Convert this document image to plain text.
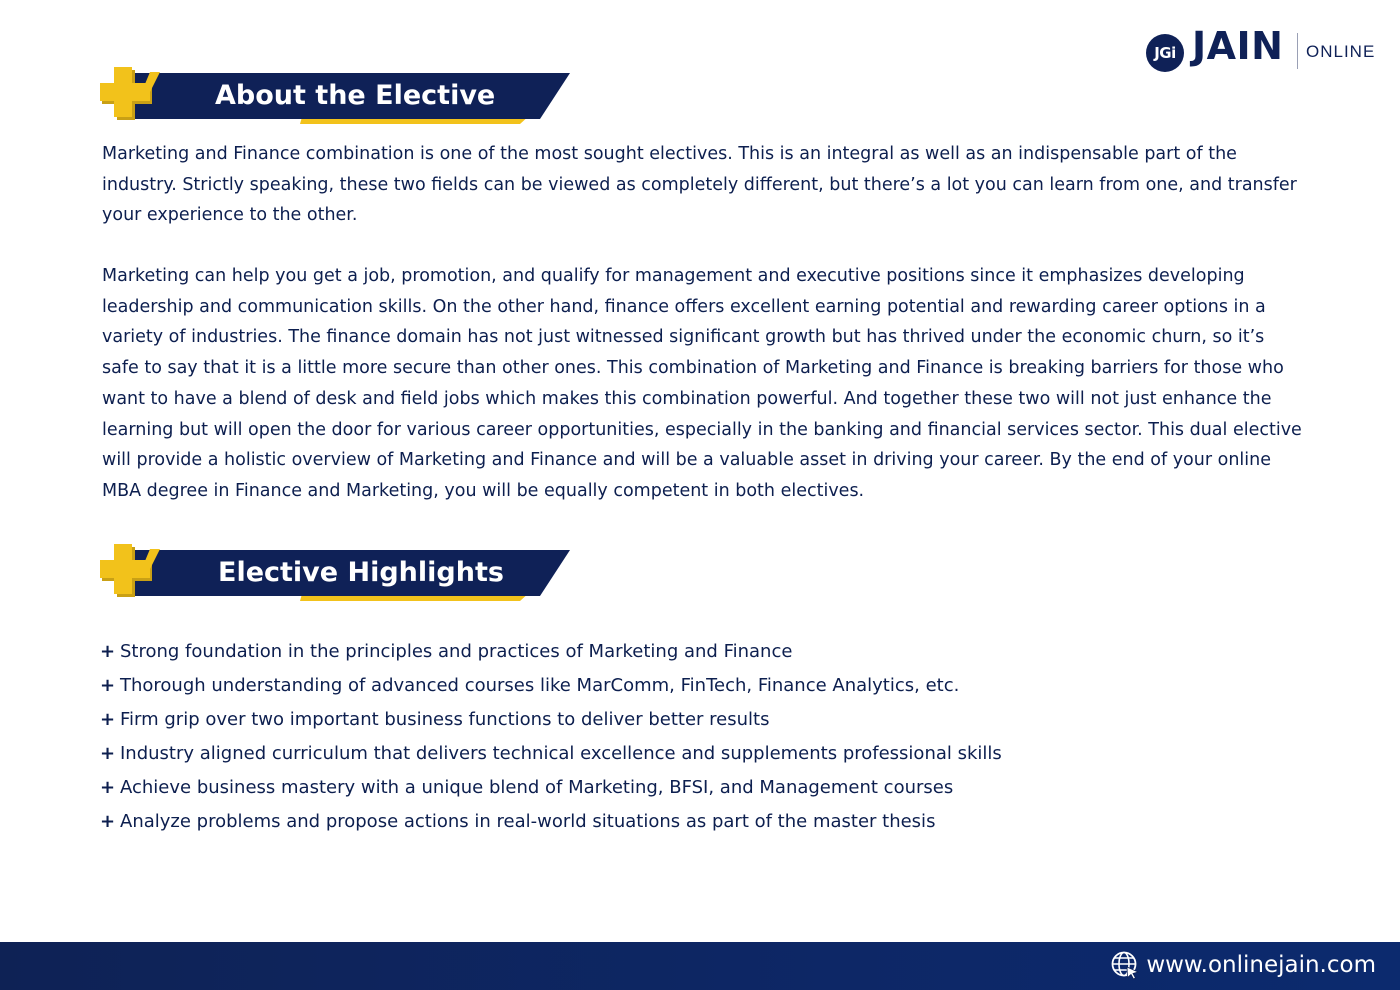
JGi JAIN ONLINE
About the Elective

Marketing and Finance combination is one of the most sought electives. This is an integral as well as an indispensable part of the industry. Strictly speaking, these two fields can be viewed as completely different, but there’s a lot you can learn from one, and transfer your experience to the other.

Marketing can help you get a job, promotion, and qualify for management and executive positions since it emphasizes developing leadership and communication skills. On the other hand, finance offers excellent earning potential and rewarding career options in a variety of industries. The finance domain has not just witnessed significant growth but has thrived under the economic churn, so it’s safe to say that it is a little more secure than other ones. This combination of Marketing and Finance is breaking barriers for those who want to have a blend of desk and field jobs which makes this combination powerful. And together these two will not just enhance the learning but will open the door for various career opportunities, especially in the banking and financial services sector. This dual elective will provide a holistic overview of Marketing and Finance and will be a valuable asset in driving your career. By the end of your online MBA degree in Finance and Marketing, you will be equally competent in both electives.

Elective Highlights
+ Strong foundation in the principles and practices of Marketing and Finance
+ Thorough understanding of advanced courses like MarComm, FinTech, Finance Analytics, etc.
+ Firm grip over two important business functions to deliver better results
+ Industry aligned curriculum that delivers technical excellence and supplements professional skills
+ Achieve business mastery with a unique blend of Marketing, BFSI, and Management courses
+ Analyze problems and propose actions in real-world situations as part of the master thesis
www.onlinejain.com
